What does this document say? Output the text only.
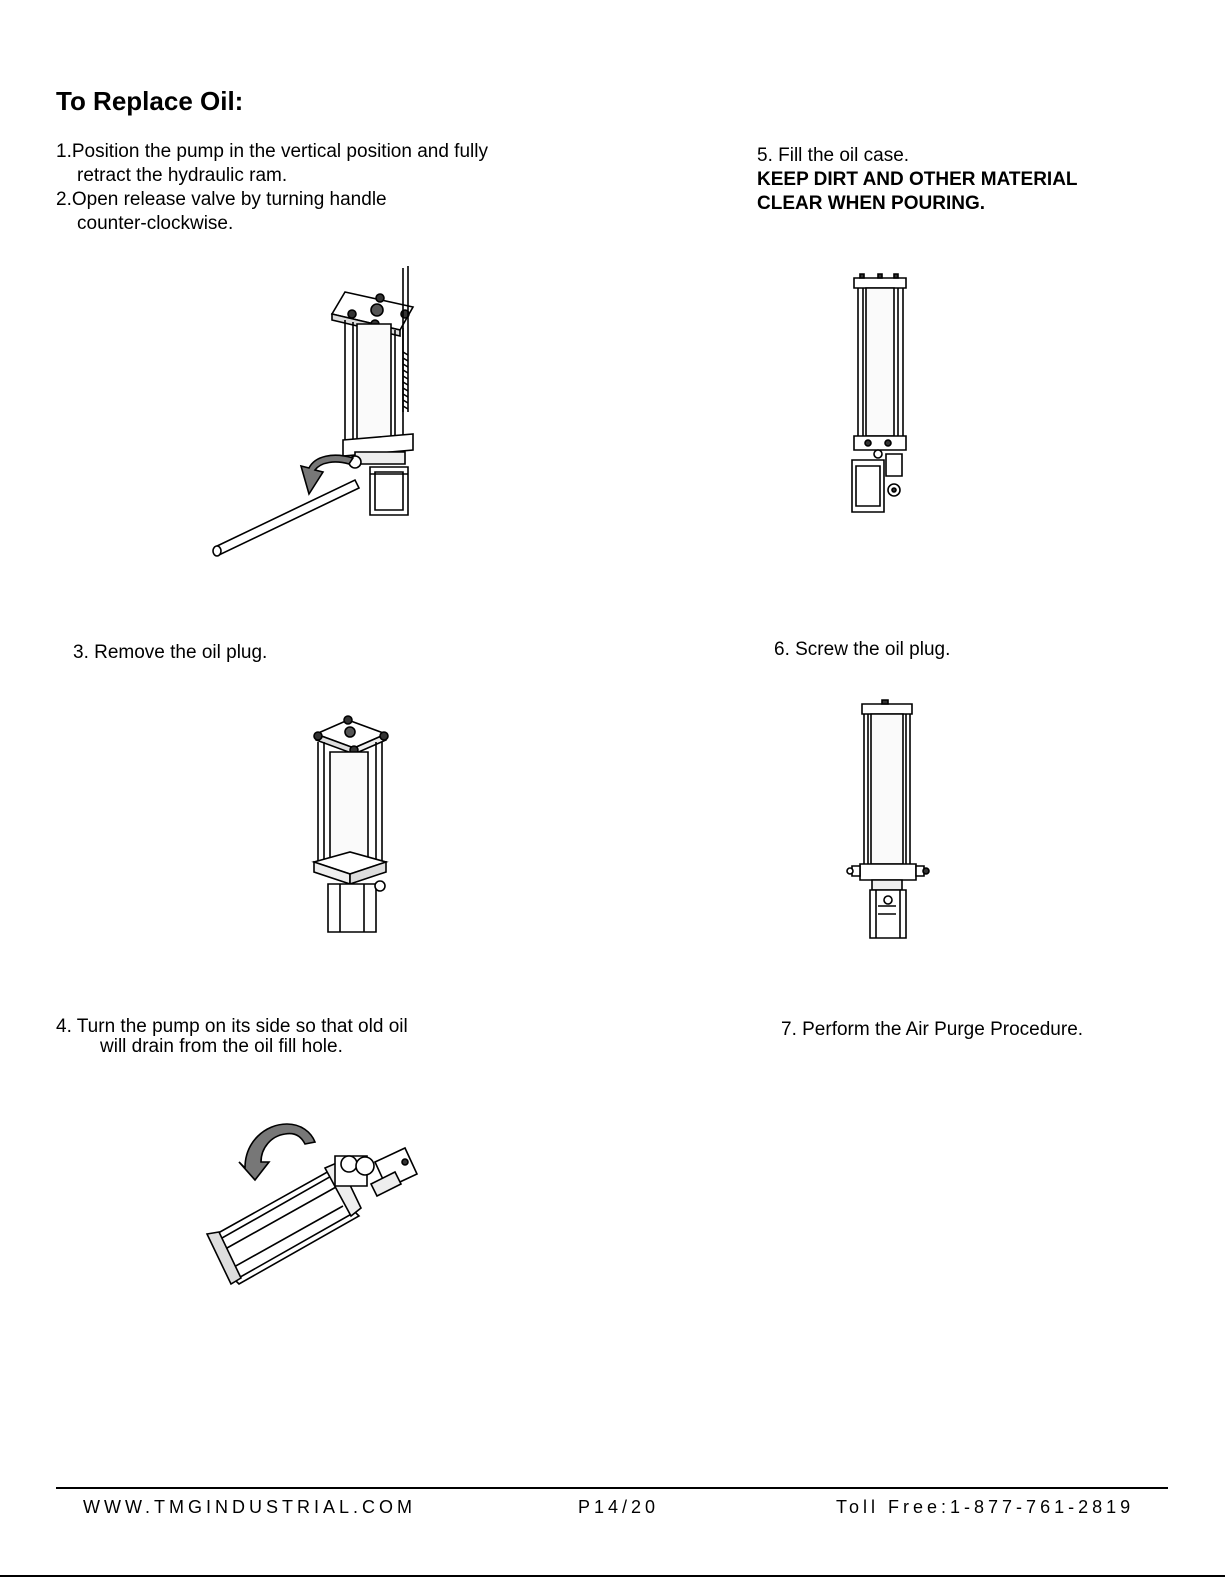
To Replace Oil:
1.Position the pump in the vertical position and fully
retract the hydraulic ram.
2.Open release valve by turning handle
counter-clockwise.
3. Remove the oil plug.
4. Turn the pump on its side so that old oil
will drain from the oil fill hole.
5. Fill the oil case.
KEEP DIRT AND OTHER MATERIAL
CLEAR WHEN POURING.
6. Screw the oil plug.
7. Perform the Air Purge Procedure.
WWW.TMGINDUSTRIAL.COM	P14/20	Toll Free:1-877-761-2819
